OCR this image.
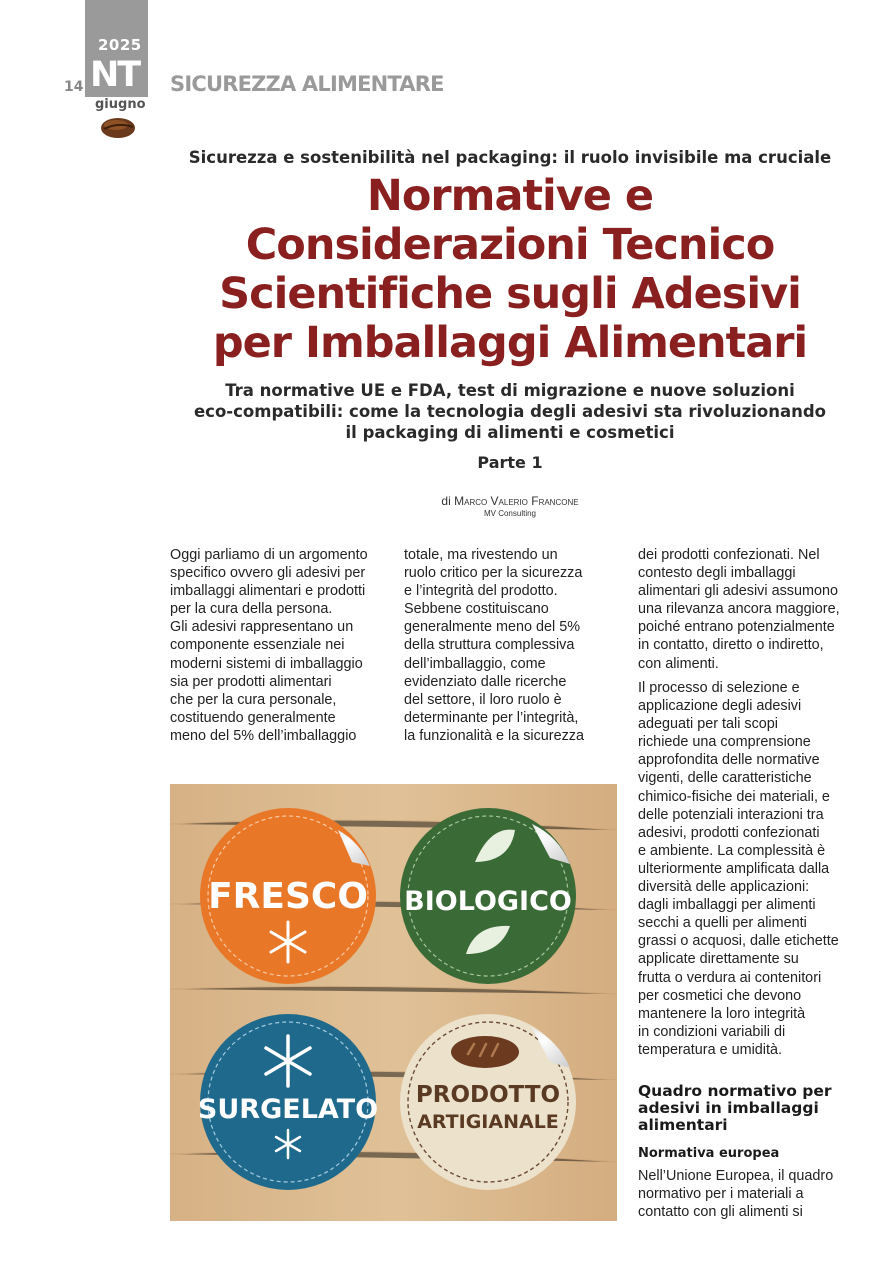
2025
NT
giugno
14	SICUREZZA ALIMENTARE
Sicurezza e sostenibilità nel packaging: il ruolo invisibile ma cruciale
Normative e
Considerazioni Tecnico
Scientifiche sugli Adesivi
per Imballaggi Alimentari
Tra normative UE e FDA, test di migrazione e nuove soluzioni
eco-compatibili: come la tecnologia degli adesivi sta rivoluzionando
il packaging di alimenti e cosmetici
Parte 1
di Marco Valerio Francone
MV Consulting

Oggi parliamo di un argomento

specifico ovvero gli adesivi per

imballaggi alimentari e prodotti

per la cura della persona.

Gli adesivi rappresentano un

componente essenziale nei

moderni sistemi di imballaggio

sia per prodotti alimentari

che per la cura personale,

costituendo generalmente

meno del 5% dell’imballaggio

totale, ma rivestendo un

ruolo critico per la sicurezza

e l’integrità del prodotto.

Sebbene costituiscano

generalmente meno del 5%

della struttura complessiva

dell’imballaggio, come

evidenziato dalle ricerche

del settore, il loro ruolo è

determinante per l’integrità,

la funzionalità e la sicurezza

dei prodotti confezionati. Nel

contesto degli imballaggi

alimentari gli adesivi assumono

una rilevanza ancora maggiore,

poiché entrano potenzialmente

in contatto, diretto o indiretto,

con alimenti.

Il processo di selezione e

applicazione degli adesivi

adeguati per tali scopi

richiede una comprensione

approfondita delle normative

vigenti, delle caratteristiche

chimico-fisiche dei materiali, e

delle potenziali interazioni tra

adesivi, prodotti confezionati

e ambiente. La complessità è

ulteriormente amplificata dalla

diversità delle applicazioni:

dagli imballaggi per alimenti

secchi a quelli per alimenti

grassi o acquosi, dalle etichette

applicate direttamente su

frutta o verdura ai contenitori

per cosmetici che devono

mantenere la loro integrità

in condizioni variabili di

temperatura e umidità.

Quadro normativo per
adesivi in imballaggi
alimentari
Normativa europea

Nell’Unione Europea, il quadro

normativo per i materiali a

contatto con gli alimenti si

FRESCO BIOLOGICO
SURGELATO PRODOTTO
ARTIGIANALE
